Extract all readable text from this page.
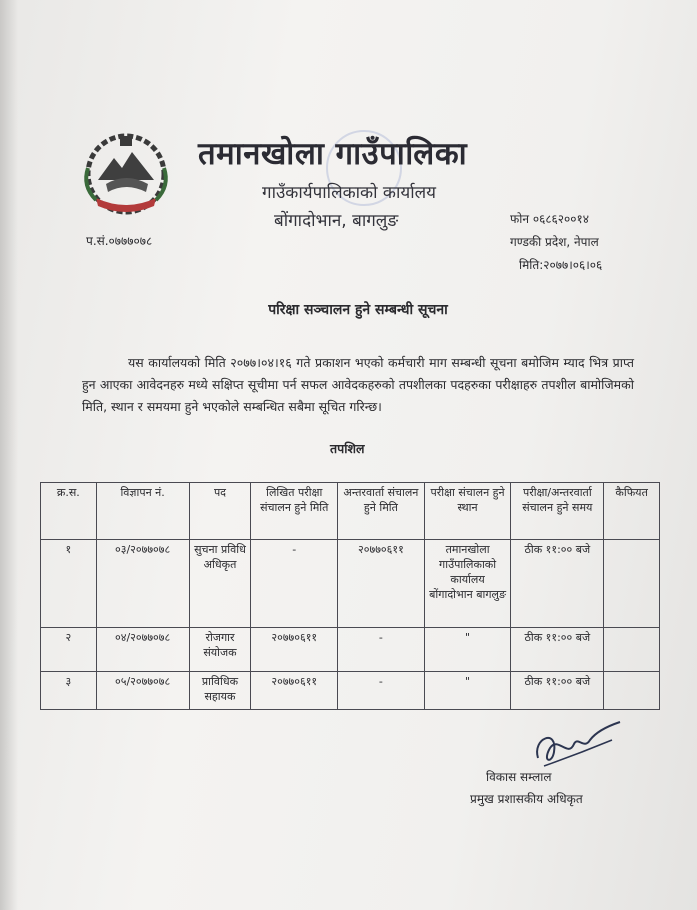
तमानखोला गाउँपालिका
गाउँकार्यपालिकाको कार्यालय
बोंगादोभान, बागलुङ
प.सं.०७७७०७८
फोन ०६८६२००१४
गण्डकी प्रदेश, नेपाल
मिति:२०७७।०६।०६
परिक्षा सञ्चालन हुने सम्बन्धी सूचना
यस कार्यालयको मिति २०७७।०४।१६ गते प्रकाशन भएको कर्मचारी माग सम्बन्धी सूचना बमोजिम म्याद भित्र प्राप्त हुन आएका आवेदनहरु मध्ये सक्षिप्त सूचीमा पर्न सफल आवेदकहरुको तपशीलका पदहरुका परीक्षाहरु तपशील बामोजिमको मिति, स्थान र समयमा हुने भएकोले सम्बन्धित सबैमा सूचित गरिन्छ।
तपशिल
क्र.स.	विज्ञापन नं.	पद	लिखित परीक्षा संचालन हुने मिति	अन्तरवार्ता संचालन हुने मिति	परीक्षा संचालन हुने स्थान	परीक्षा/अन्तरवार्ता संचालन हुने समय	कैफियत
१	०३/२०७७०७८	सुचना प्रविधि अधिकृत	-	२०७७०६११	तमानखोला गाउँपालिकाको कार्यालय बोंगादोभान बागलुङ	ठीक ११:०० बजे	
२	०४/२०७७०७८	रोजगार संयोजक	२०७७०६११	-	"	ठीक ११:०० बजे	
३	०५/२०७७०७८	प्राविधिक सहायक	२०७७०६११	-	"	ठीक ११:०० बजे	
विकास सम्लाल
प्रमुख प्रशासकीय अधिकृत
